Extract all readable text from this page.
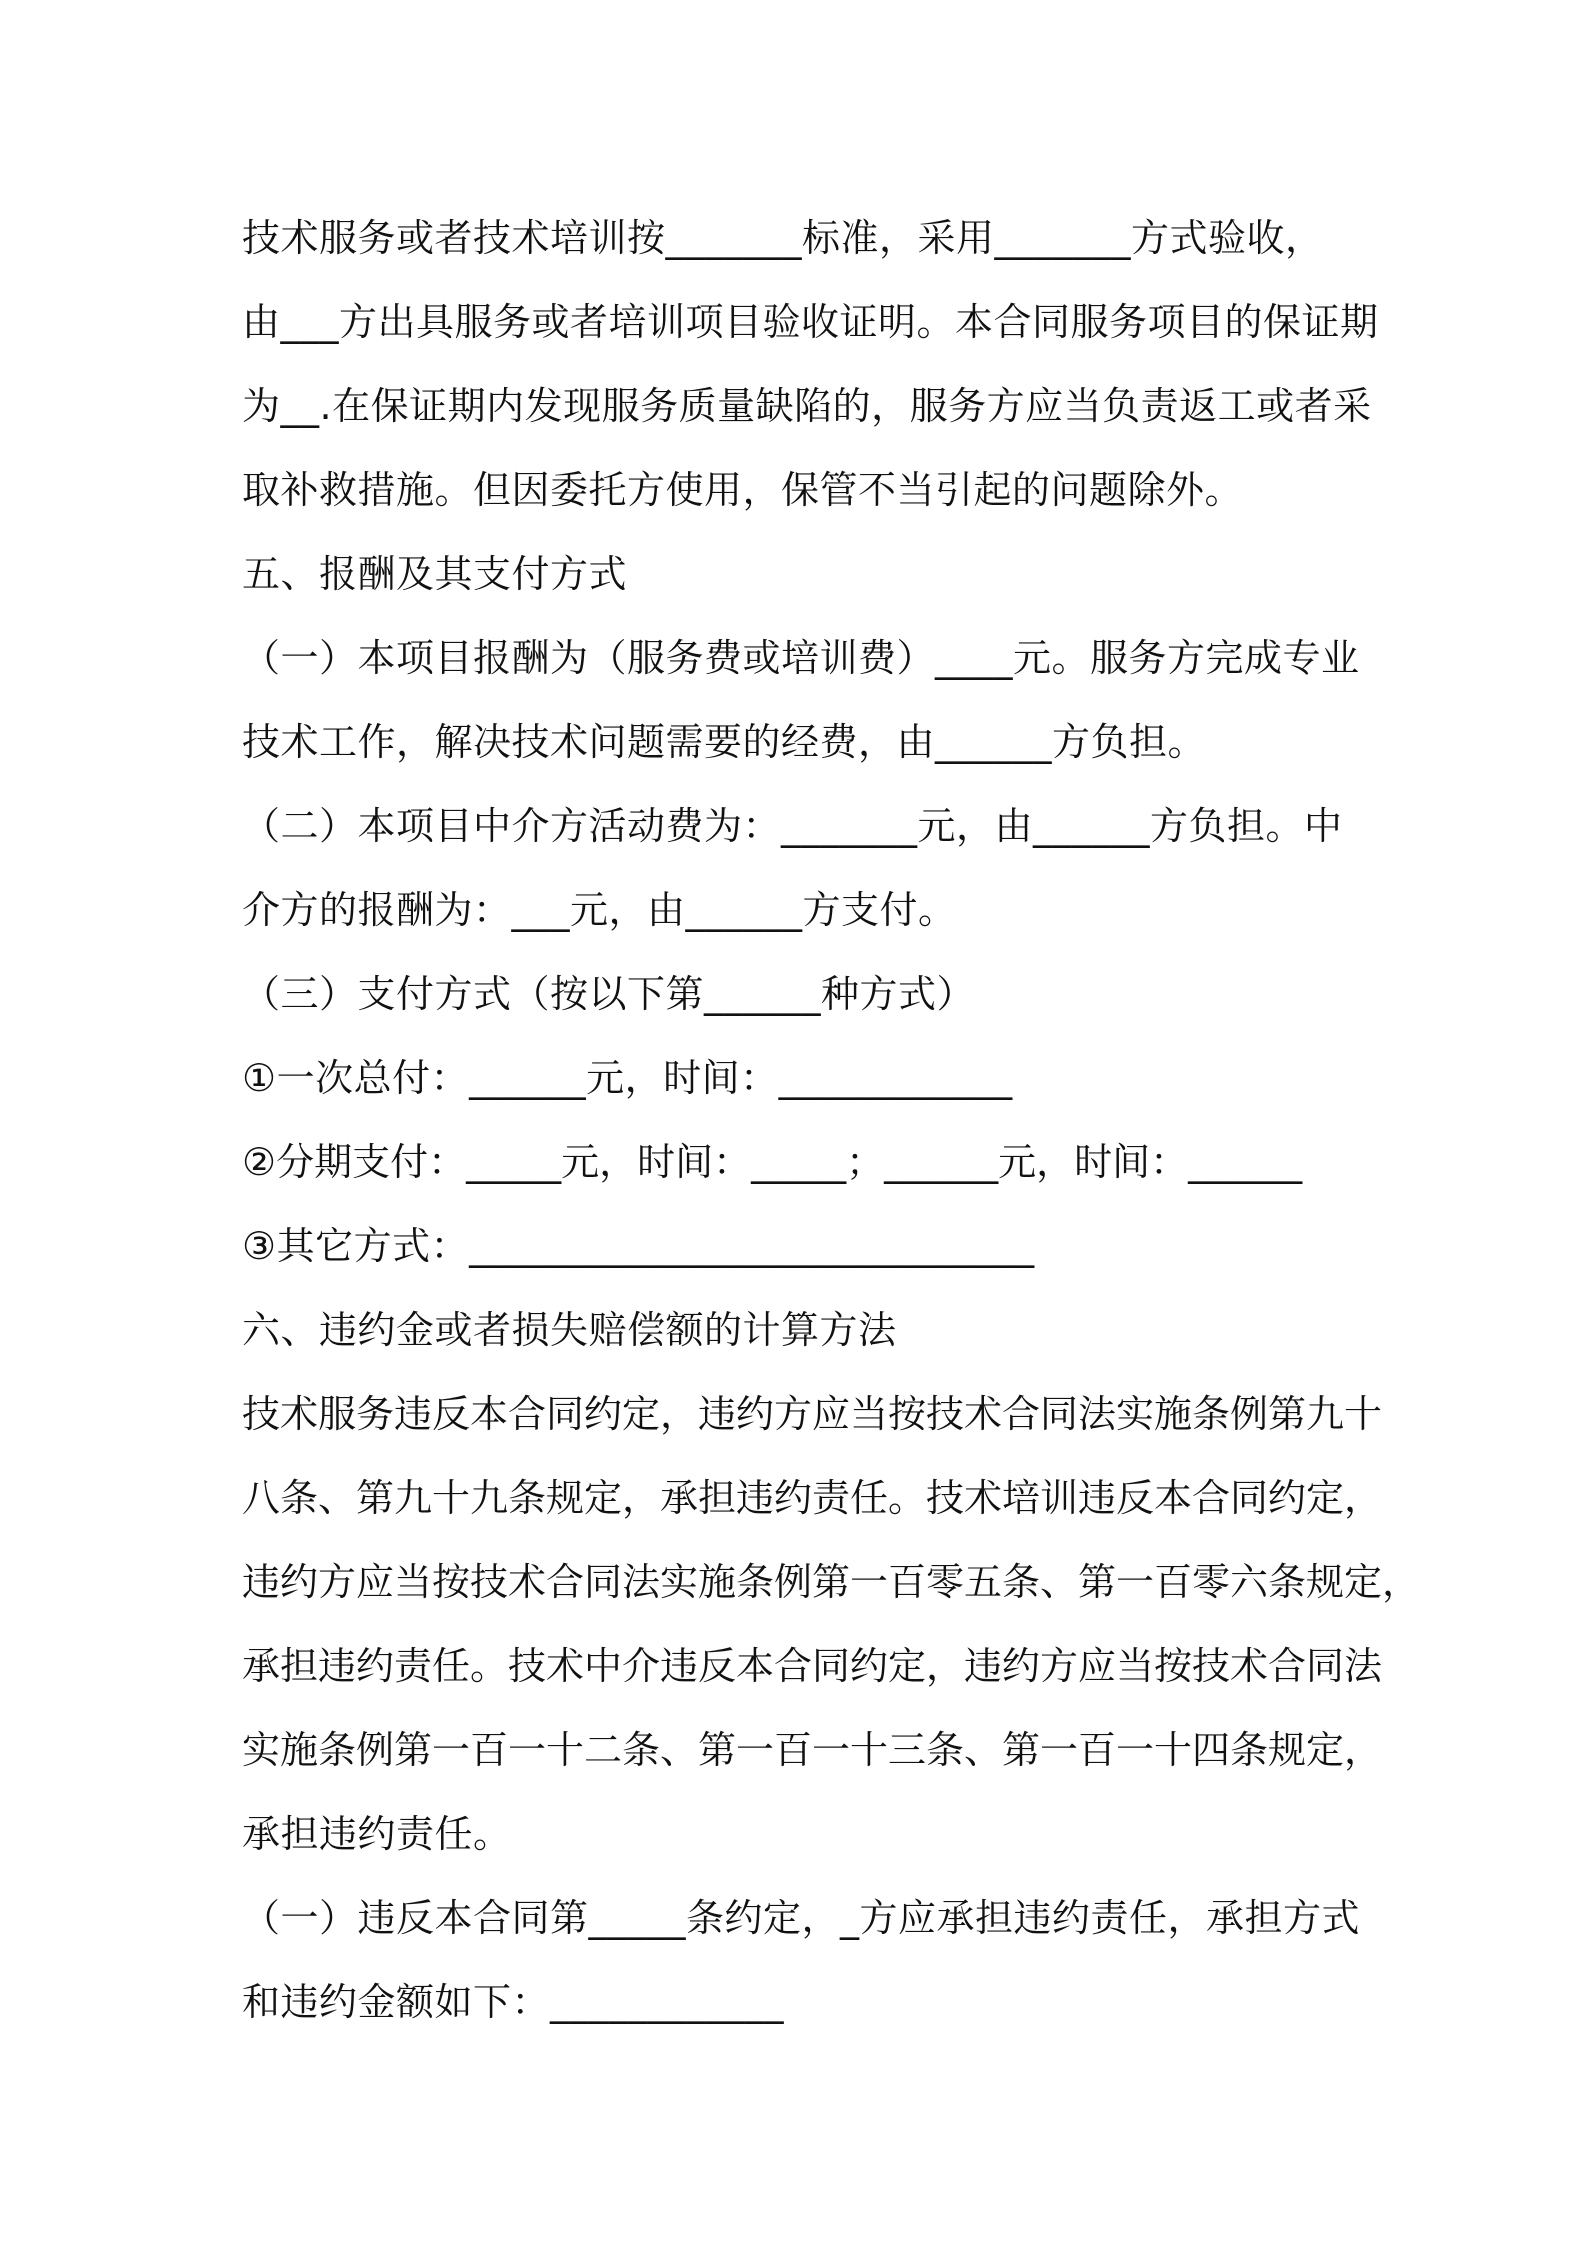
技术服务或者技术培训按_______标准，采用_______方式验收，
由___方出具服务或者培训项目验收证明。本合同服务项目的保证期
为__.在保证期内发现服务质量缺陷的，服务方应当负责返工或者采
取补救措施。但因委托方使用，保管不当引起的问题除外。
五、报酬及其支付方式
（一）本项目报酬为（服务费或培训费）____元。服务方完成专业
技术工作，解决技术问题需要的经费，由______方负担。
（二）本项目中介方活动费为：_______元，由______方负担。中
介方的报酬为：___元，由______方支付。
（三）支付方式（按以下第______种方式）
①一次总付：______元，时间：____________
②分期支付：_____元，时间：_____；______元，时间：______
③其它方式：_____________________________
六、违约金或者损失赔偿额的计算方法
技术服务违反本合同约定，违约方应当按技术合同法实施条例第九十
八条、第九十九条规定，承担违约责任。技术培训违反本合同约定，
违约方应当按技术合同法实施条例第一百零五条、第一百零六条规定，
承担违约责任。技术中介违反本合同约定，违约方应当按技术合同法
实施条例第一百一十二条、第一百一十三条、第一百一十四条规定，
承担违约责任。
（一）违反本合同第_____条约定，_方应承担违约责任，承担方式
和违约金额如下：____________
